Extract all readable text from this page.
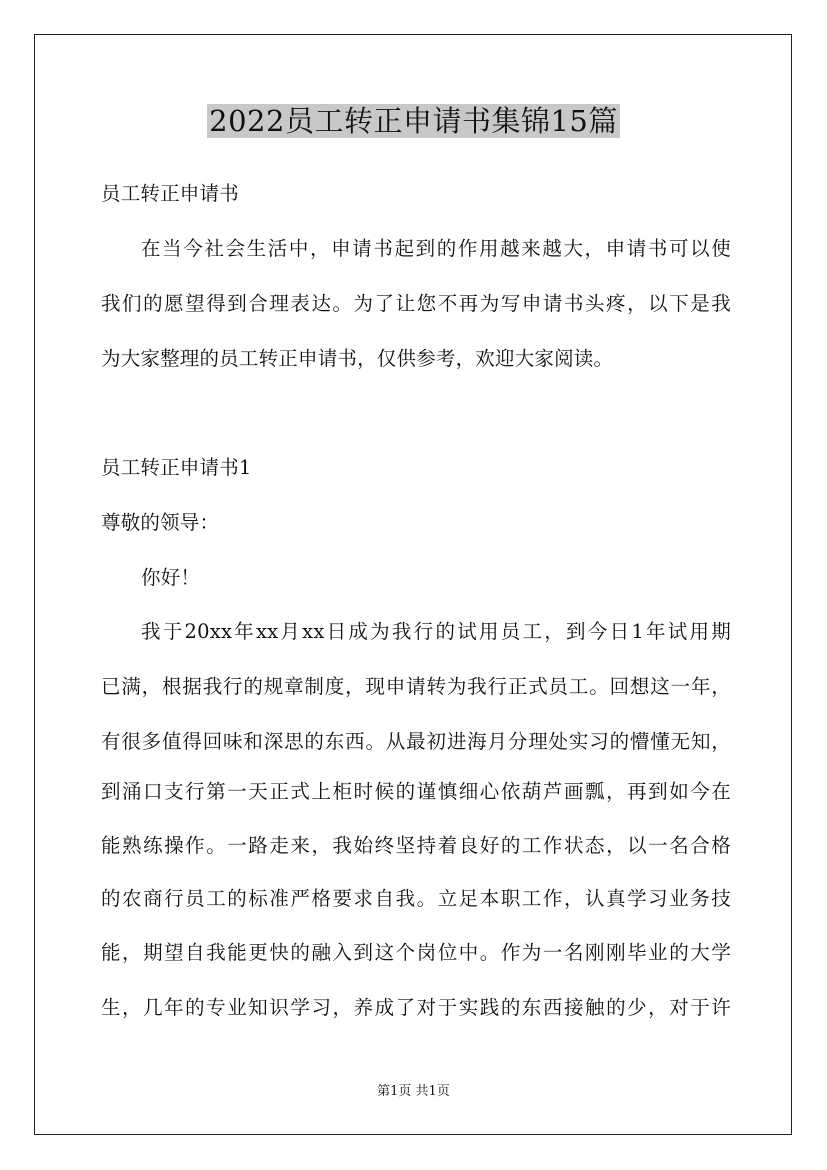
2022员工转正申请书集锦15篇
员工转正申请书
在当今社会生活中，申请书起到的作用越来越大，申请书可以使
我们的愿望得到合理表达。为了让您不再为写申请书头疼，以下是我
为大家整理的员工转正申请书，仅供参考，欢迎大家阅读。
员工转正申请书1
尊敬的领导：
你好！
我于20xx年xx月xx日成为我行的试用员工，到今日1年试用期
已满，根据我行的规章制度，现申请转为我行正式员工。回想这一年，
有很多值得回味和深思的东西。从最初进海月分理处实习的懵懂无知，
到涌口支行第一天正式上柜时候的谨慎细心依葫芦画瓢，再到如今在
能熟练操作。一路走来，我始终坚持着良好的工作状态，以一名合格
的农商行员工的标准严格要求自我。立足本职工作，认真学习业务技
能，期望自我能更快的融入到这个岗位中。作为一名刚刚毕业的大学
生，几年的专业知识学习，养成了对于实践的东西接触的少，对于许
第1页 共1页
